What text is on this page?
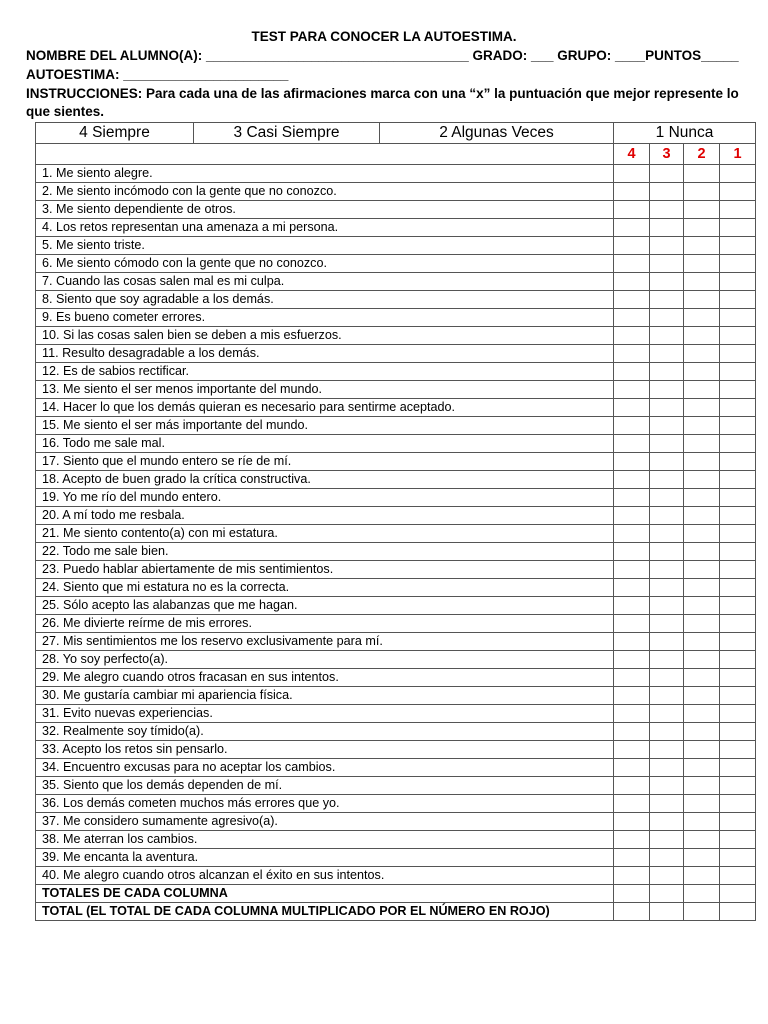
TEST PARA CONOCER LA AUTOESTIMA.
NOMBRE DEL ALUMNO(A): ___________________________________ GRADO: ___ GRUPO: ____PUNTOS_____
AUTOESTIMA: ______________________
INSTRUCCIONES: Para cada una de las afirmaciones marca con una “x” la puntuación que mejor represente lo que sientes.
4 Siempre	3 Casi Siempre	2 Algunas Veces	1 Nunca			
			4	3	2	1
1. Me siento alegre.						
2. Me siento incómodo con la gente que no conozco.						
3. Me siento dependiente de otros.						
4. Los retos representan una amenaza a mi persona.						
5. Me siento triste.						
6. Me siento cómodo con la gente que no conozco.						
7. Cuando las cosas salen mal es mi culpa.						
8. Siento que soy agradable a los demás.						
9. Es bueno cometer errores.						
10. Si las cosas salen bien se deben a mis esfuerzos.						
11. Resulto desagradable a los demás.						
12. Es de sabios rectificar.						
13. Me siento el ser menos importante del mundo.						
14. Hacer lo que los demás quieran es necesario para sentirme aceptado.						
15. Me siento el ser más importante del mundo.						
16. Todo me sale mal.						
17. Siento que el mundo entero se ríe de mí.						
18. Acepto de buen grado la crítica constructiva.						
19. Yo me río del mundo entero.						
20. A mí todo me resbala.						
21. Me siento contento(a) con mi estatura.						
22. Todo me sale bien.						
23. Puedo hablar abiertamente de mis sentimientos.						
24. Siento que mi estatura no es la correcta.						
25. Sólo acepto las alabanzas que me hagan.						
26. Me divierte reírme de mis errores.						
27. Mis sentimientos me los reservo exclusivamente para mí.						
28. Yo soy perfecto(a).						
29. Me alegro cuando otros fracasan en sus intentos.						
30. Me gustaría cambiar mi apariencia física.						
31. Evito nuevas experiencias.						
32. Realmente soy tímido(a).						
33. Acepto los retos sin pensarlo.						
34. Encuentro excusas para no aceptar los cambios.						
35. Siento que los demás dependen de mí.						
36. Los demás cometen muchos más errores que yo.						
37. Me considero sumamente agresivo(a).						
38. Me aterran los cambios.						
39. Me encanta la aventura.						
40. Me alegro cuando otros alcanzan el éxito en sus intentos.						
TOTALES DE CADA COLUMNA						
TOTAL (EL TOTAL DE CADA COLUMNA MULTIPLICADO POR EL NÚMERO EN ROJO)						
